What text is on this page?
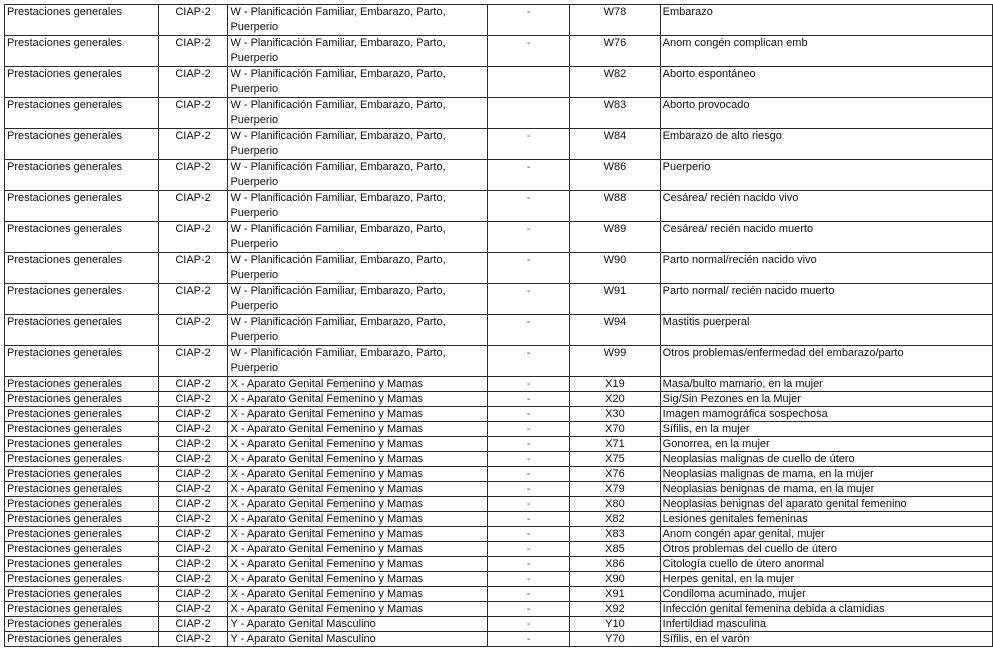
Prestaciones generales	CIAP-2	W - Planificación Familiar, Embarazo, Parto, Puerperio	-	W78	Embarazo
Prestaciones generales	CIAP-2	W - Planificación Familiar, Embarazo, Parto, Puerperio	-	W76	Anom congén complican emb
Prestaciones generales	CIAP-2	W - Planificación Familiar, Embarazo, Parto, Puerperio		W82	Aborto espontáneo
Prestaciones generales	CIAP-2	W - Planificación Familiar, Embarazo, Parto, Puerperio		W83	Aborto provocado
Prestaciones generales	CIAP-2	W - Planificación Familiar, Embarazo, Parto, Puerperio	-	W84	Embarazo de alto riesgo
Prestaciones generales	CIAP-2	W - Planificación Familiar, Embarazo, Parto, Puerperio	-	W86	Puerperio
Prestaciones generales	CIAP-2	W - Planificación Familiar, Embarazo, Parto, Puerperio	-	W88	Cesárea/ recién nacido vivo
Prestaciones generales	CIAP-2	W - Planificación Familiar, Embarazo, Parto, Puerperio	-	W89	Cesárea/ recién nacido muerto
Prestaciones generales	CIAP-2	W - Planificación Familiar, Embarazo, Parto, Puerperio	-	W90	Parto normal/recién nacido vivo
Prestaciones generales	CIAP-2	W - Planificación Familiar, Embarazo, Parto, Puerperio	-	W91	Parto normal/ recién nacido muerto
Prestaciones generales	CIAP-2	W - Planificación Familiar, Embarazo, Parto, Puerperio	-	W94	Mastitis puerperal
Prestaciones generales	CIAP-2	W - Planificación Familiar, Embarazo, Parto, Puerperio	-	W99	Otros problemas/enfermedad del embarazo/parto
Prestaciones generales	CIAP-2	X - Aparato Genital Femenino y Mamas	-	X19	Masa/bulto mamario, en la mujer
Prestaciones generales	CIAP-2	X - Aparato Genital Femenino y Mamas	-	X20	Sig/Sin Pezones en la Mujer
Prestaciones generales	CIAP-2	X - Aparato Genital Femenino y Mamas	-	X30	Imagen mamográfica sospechosa
Prestaciones generales	CIAP-2	X - Aparato Genital Femenino y Mamas	-	X70	Sífilis, en la mujer
Prestaciones generales	CIAP-2	X - Aparato Genital Femenino y Mamas	-	X71	Gonorrea, en la mujer
Prestaciones generales	CIAP-2	X - Aparato Genital Femenino y Mamas	-	X75	Neoplasias malignas de cuello de útero
Prestaciones generales	CIAP-2	X - Aparato Genital Femenino y Mamas	-	X76	Neoplasias malignas de mama, en la mujer
Prestaciones generales	CIAP-2	X - Aparato Genital Femenino y Mamas	-	X79	Neoplasias benignas de mama, en la mujer
Prestaciones generales	CIAP-2	X - Aparato Genital Femenino y Mamas	-	X80	Neoplasias benignas del aparato genital femenino
Prestaciones generales	CIAP-2	X - Aparato Genital Femenino y Mamas	-	X82	Lesiones genitales femeninas
Prestaciones generales	CIAP-2	X - Aparato Genital Femenino y Mamas	-	X83	Anom congén apar genital, mujer
Prestaciones generales	CIAP-2	X - Aparato Genital Femenino y Mamas	-	X85	Otros problemas del cuello de útero
Prestaciones generales	CIAP-2	X - Aparato Genital Femenino y Mamas	-	X86	Citología cuello de útero anormal
Prestaciones generales	CIAP-2	X - Aparato Genital Femenino y Mamas	-	X90	Herpes genital, en la mujer
Prestaciones generales	CIAP-2	X - Aparato Genital Femenino y Mamas	-	X91	Condiloma acuminado, mujer
Prestaciones generales	CIAP-2	X - Aparato Genital Femenino y Mamas	-	X92	Infección genital femenina debida a clamidias
Prestaciones generales	CIAP-2	Y - Aparato Genital Masculino	-	Y10	Infertildiad masculina
Prestaciones generales	CIAP-2	Y - Aparato Genital Masculino	-	Y70	Sífilis, en el varón
